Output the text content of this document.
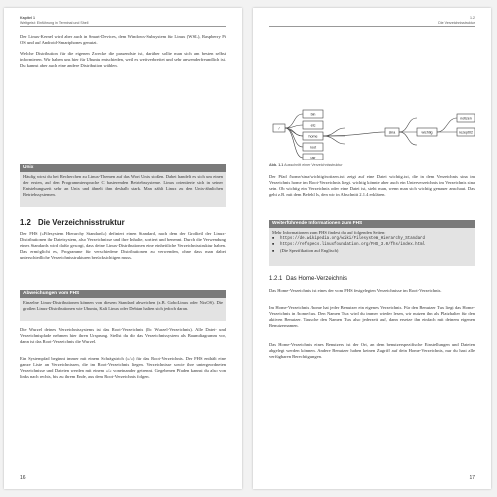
Kapitel 1
Weltgeist: Einführung in Terminal und Shell

Der Linux-Kernel wird aber auch in Smart-Devices, dem Windows-Subsystem für Linux (WSL), Raspberry Pi OS und auf Android-Smartphones genutzt.

Welche Distribution für die eigenen Zwecke die passendste ist, darüber sollte man sich am besten selbst informieren. Wir haben uns hier für Ubuntu entschieden, weil es weitverbreitet und sehr anwenderfreundlich ist. Du kannst aber auch eine andere Distribution wählen.

Unix

Häufig wirst du bei Recherchen zu Linux-Themen auf das Wort Unix stoßen. Dabei handelt es sich um einen der ersten, auf den Programmiersprache C basierenden Betriebssysteme. Linux orientierte sich in seiner Entstehungszeit sehr an Unix und ähnelt ihm deshalb stark. Man zählt Linux zu den Unix-ähnlichen Betriebssystemen.

1.2 Die Verzeichnisstruktur

Der FHS (»Filesystem Hierarchy Standard«) definiert einen Standard, nach dem der Großteil der Linux-Distributionen ihr Dateisystem, also Verzeichnisse und ihre Inhalte, sortiert und benennt. Durch die Verwendung eines Standards wird dafür gesorgt, dass deine Linux-Distributionen eine einheitliche Verzeichnisstruktur haben. Das ermöglicht es, Programme für verschiedene Distributionen zu verwenden, ohne dass man dabei unterschiedliche Verzeichnisstrukturen berücksichtigen muss.

Abweichungen vom FHS

Einzelne Linux-Distributionen können von diesem Standard abweichen (z.B. GoboLinux oder NixOS). Die großen Linux-Distributionen wie Ubuntu, Kali Linux oder Debian halten sich jedoch daran.

Die Wurzel deines Verzeichnissystems ist das Root-Verzeichnis (lb: Wurzel-Verzeichnis). Alle Datei- und Verzeichnispfade nehmen hier ihren Ursprung. Stellst du dir das Verzeichnissystem als Baumdiagramm vor, dann ist das Root-Verzeichnis die Wurzel.

Ein Systempfad beginnt immer mit einem Schrägstrich (»/«) für das Root-Verzeichnis. Der FHS enthält eine ganze Liste an Verzeichnissen, die im Root-Verzeichnis liegen. Verzeichnisse sowie ihre untergeordneten Verzeichnisse und Dateien werden mit einem »/« voneinander getrennt. Gegebenen Pfaden kannst du also von links nach rechts, bis zu ihrem Ende, aus dem Root-Verzeichnis folgen.

16
1.2
Die Verzeichnisstruktur
/
bin
etc
home
root
usr
sina	wichtig
notizen
rezept02
Abb. 1.1 Ausschnitt einer Verzeichnisstruktur

Der Pfad /home/sina/wichtig/notizen.txt zeigt auf eine Datei wichtig.txt, die in dem Verzeichnis sina im Verzeichnis home im Root-Verzeichnis liegt. wichtig könnte aber auch ein Unterverzeichnis im Verzeichnis sina sein. Ob wichtig ein Verzeichnis oder eine Datei ist, sieht man, wenn man sich wichtig genauer anschaut. Das geht z.B. mit dem Befehl ls, den wir in Abschnitt 2.1.4 erklären.

Weiterführende Informationen zum FHS
Mehr Informationen zum FHS findest du auf folgenden Seiten:
■ https://de.wikipedia.org/wiki/Filesystem_Hierarchy_Standard
■ https://refspecs.linuxfoundation.org/FHS_3.0/fhs/index.html
■ (Die Spezifikation auf Englisch)
1.2.1 Das Home-Verzeichnis

Das Home-Verzeichnis ist eines der vom FHS festgelegten Verzeichnisse im Root-Verzeichnis.

Im Home-Verzeichnis /home hat jeder Benutzer ein eigenes Verzeichnis. Für den Benutzer Tux liegt das Home-Verzeichnis in /home/tux. Den Namen Tux wird du immer wieder lesen, wir nutzen ihn als Platzhalter für den aktiven Benutzer. Tausche den Namen Tux also jederzeit auf, dann ersetze ihn einfach mit deinem eigenen Benutzernamen.

Das Home-Verzeichnis eines Benutzers ist der Ort, an dem benutzerspezifische Einstellungen und Dateien abgelegt werden können. Andere Benutzer haben keinen Zugriff auf dein Home-Verzeichnis, nur du hast alle verfügbaren Berechtigungen.

17
